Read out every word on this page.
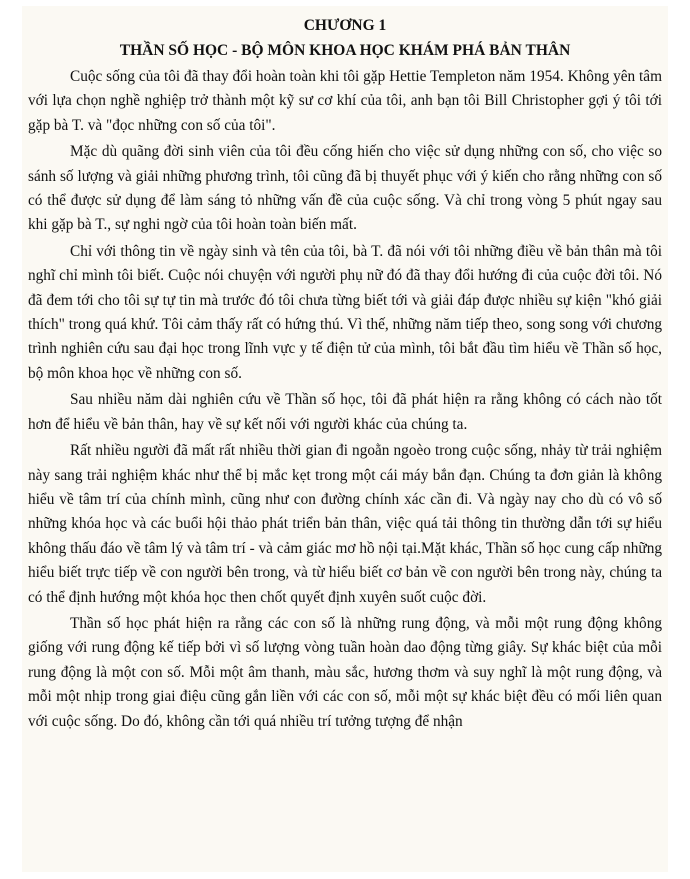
CHƯƠNG 1
THẦN SỐ HỌC - BỘ MÔN KHOA HỌC KHÁM PHÁ BẢN THÂN

Cuộc sống của tôi đã thay đổi hoàn toàn khi tôi gặp Hettie Templeton năm 1954. Không yên tâm với lựa chọn nghề nghiệp trở thành một kỹ sư cơ khí của tôi, anh bạn tôi Bill Christopher gợi ý tôi tới gặp bà T. và "đọc những con số của tôi".

Mặc dù quãng đời sinh viên của tôi đều cống hiến cho việc sử dụng những con số, cho việc so sánh số lượng và giải những phương trình, tôi cũng đã bị thuyết phục với ý kiến cho rằng những con số có thể được sử dụng để làm sáng tỏ những vấn đề của cuộc sống. Và chỉ trong vòng 5 phút ngay sau khi gặp bà T., sự nghi ngờ của tôi hoàn toàn biến mất.

Chỉ với thông tin về ngày sinh và tên của tôi, bà T. đã nói với tôi những điều về bản thân mà tôi nghĩ chỉ mình tôi biết. Cuộc nói chuyện với người phụ nữ đó đã thay đổi hướng đi của cuộc đời tôi. Nó đã đem tới cho tôi sự tự tin mà trước đó tôi chưa từng biết tới và giải đáp được nhiều sự kiện "khó giải thích" trong quá khứ. Tôi cảm thấy rất có hứng thú. Vì thế, những năm tiếp theo, song song với chương trình nghiên cứu sau đại học trong lĩnh vực y tế điện tử của mình, tôi bắt đầu tìm hiểu về Thần số học, bộ môn khoa học về những con số.

Sau nhiều năm dài nghiên cứu về Thần số học, tôi đã phát hiện ra rằng không có cách nào tốt hơn để hiểu về bản thân, hay về sự kết nối với người khác của chúng ta.

Rất nhiều người đã mất rất nhiều thời gian đi ngoằn ngoèo trong cuộc sống, nhảy từ trải nghiệm này sang trải nghiệm khác như thể bị mắc kẹt trong một cái máy bắn đạn. Chúng ta đơn giản là không hiểu về tâm trí của chính mình, cũng như con đường chính xác cần đi. Và ngày nay cho dù có vô số những khóa học và các buổi hội thảo phát triển bản thân, việc quá tải thông tin thường dẫn tới sự hiểu không thấu đáo về tâm lý và tâm trí - và cảm giác mơ hồ nội tại.Mặt khác, Thần số học cung cấp những hiểu biết trực tiếp về con người bên trong, và từ hiểu biết cơ bản về con người bên trong này, chúng ta có thể định hướng một khóa học then chốt quyết định xuyên suốt cuộc đời.

Thần số học phát hiện ra rằng các con số là những rung động, và mỗi một rung động không giống với rung động kế tiếp bởi vì số lượng vòng tuần hoàn dao động từng giây. Sự khác biệt của mỗi rung động là một con số. Mỗi một âm thanh, màu sắc, hương thơm và suy nghĩ là một rung động, và mỗi một nhịp trong giai điệu cũng gắn liền với các con số, mỗi một sự khác biệt đều có mối liên quan với cuộc sống. Do đó, không cần tới quá nhiều trí tưởng tượng để nhận
